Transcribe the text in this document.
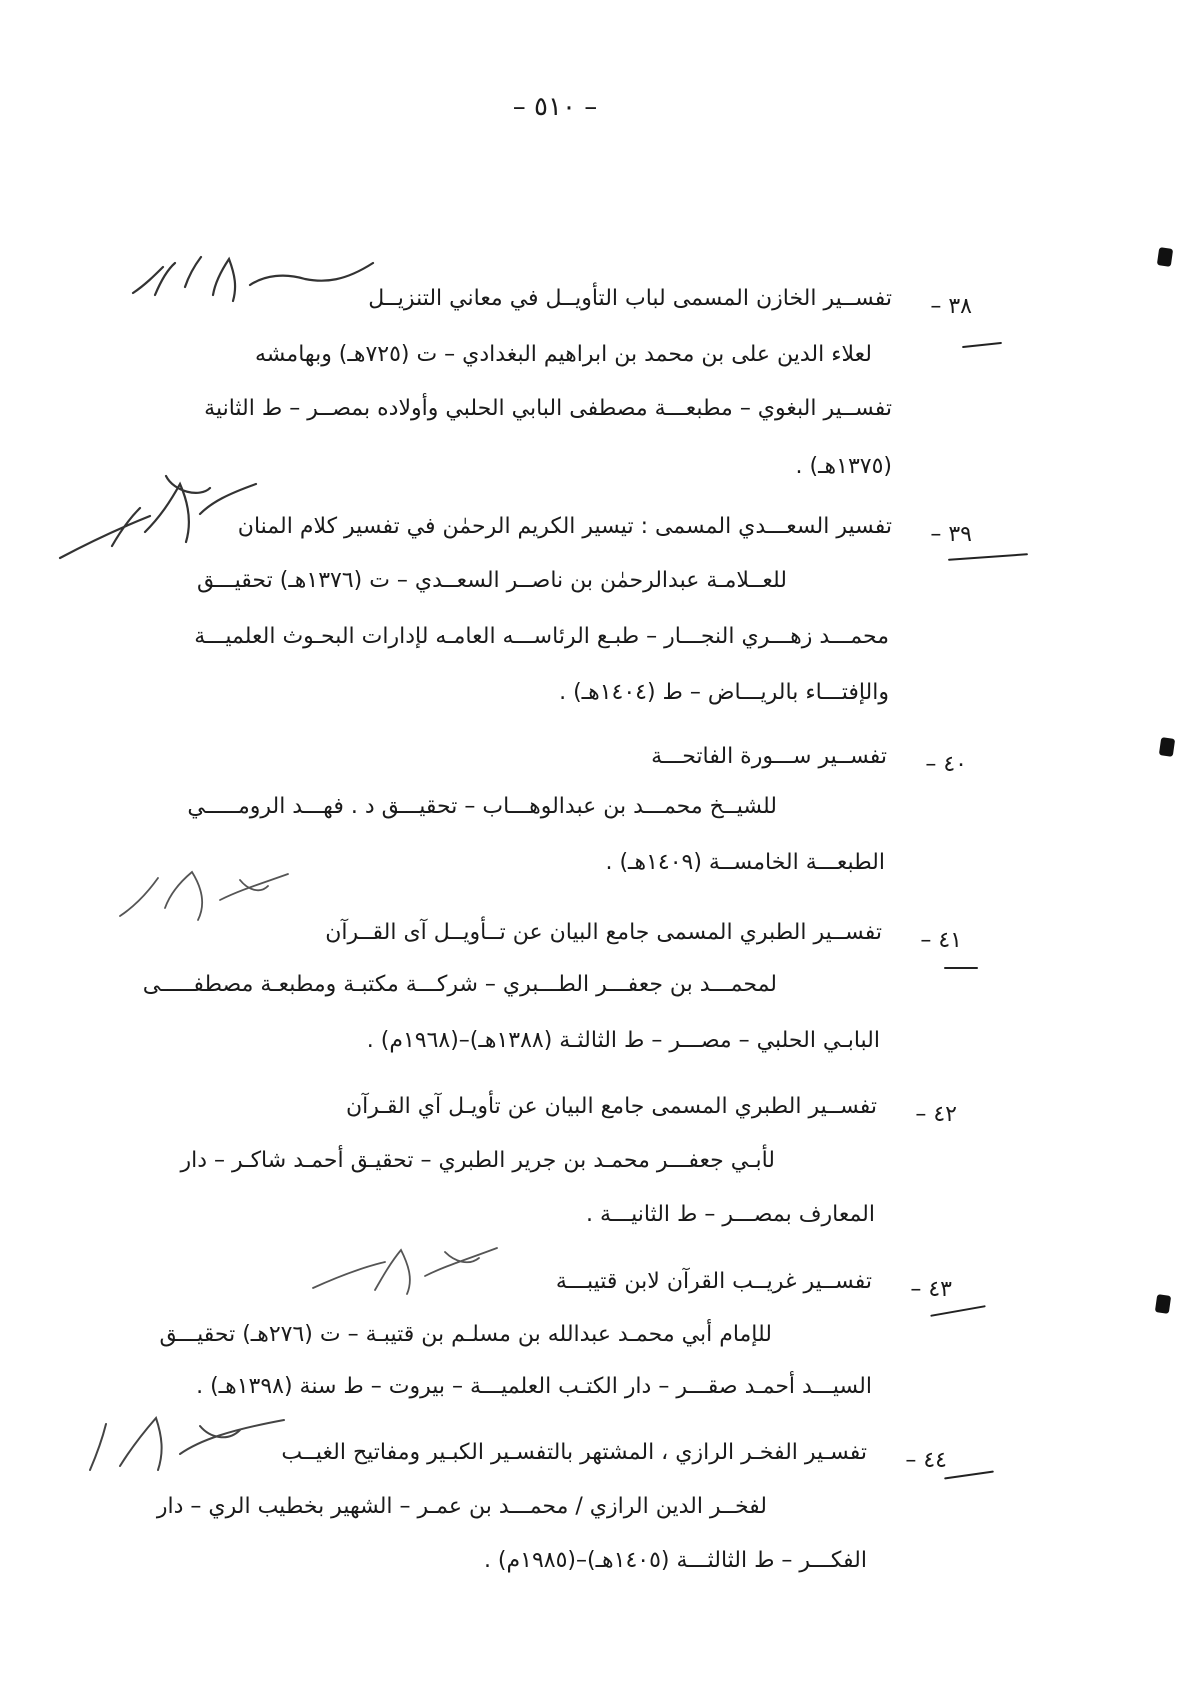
– ٥١٠ –
٣٨ –
تفســير الخازن المسمى لباب التأويــل في معاني التنزيــل
لعلاء الدين على بن محمد بن ابراهيم البغدادي – ت (٧٢٥هـ) وبهامشه
تفســير البغوي – مطبعـــة مصطفى البابي الحلبي وأولاده بمصــر – ط الثانية
(١٣٧٥هـ) .
٣٩ –
تفسير السعـــدي المسمى : تيسير الكريم الرحمٰن في تفسير كلام المنان
للعــلامـة عبدالرحمٰن بن ناصــر السعــدي – ت (١٣٧٦هـ) تحقيـــق
محمـــد زهـــري النجـــار – طبـع الرئاســـه العامـه لإدارات البحـوث العلميـــة
والإفتـــاء بالريـــاض – ط (١٤٠٤هـ) .
٤٠ –
تفســير ســـورة الفاتحـــة
للشيــخ محمـــد بن عبدالوهـــاب – تحقيـــق د . فهـــد الرومـــــي
الطبعـــة الخامســة (١٤٠٩هـ) .
٤١ –
تفســير الطبري المسمى جامع البيان عن تــأويــل آى القــرآن
لمحمـــد بن جعفـــر الطـــبري – شركـــة مكتبـة ومطبعـة مصطفـــــى
البابـي الحلبي – مصـــر – ط الثالثـة (١٣٨٨هـ)–(١٩٦٨م) .
٤٢ –
تفســير الطبري المسمى جامع البيان عن تأويـل آي القـرآن
لأبـي جعفـــر محمـد بن جرير الطبري – تحقيـق أحمـد شاكـر – دار
المعارف بمصـــر – ط الثانيـــة .
٤٣ –
تفســير غريــب القرآن لابن قتيبـــة
للإمام أبي محمـد عبدالله بن مسلـم بن قتيبـة – ت (٢٧٦هـ) تحقيـــق
السيـــد أحمـد صقـــر – دار الكتـب العلميـــة – بيروت – ط سنة (١٣٩٨هـ) .
٤٤ –
تفسـير الفخـر الرازي ، المشتهر بالتفسـير الكبـير ومفاتيح الغيــب
لفخــر الدين الرازي / محمـــد بن عمـر – الشهير بخطيب الري – دار
الفكـــر – ط الثالثـــة (١٤٠٥هـ)–(١٩٨٥م) .
